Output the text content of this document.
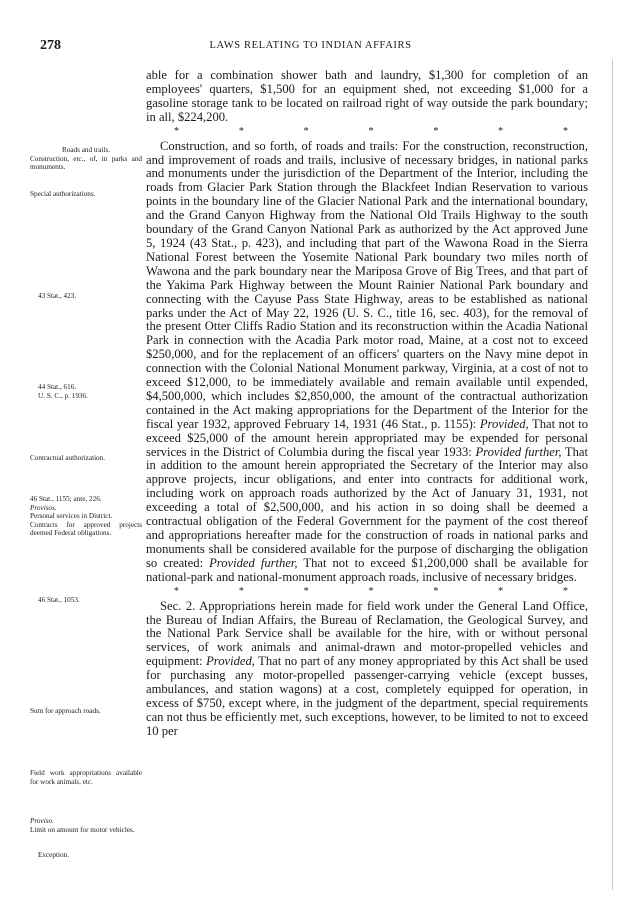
278	LAWS RELATING TO INDIAN AFFAIRS
Roads and trails.
Construction, etc., of, in parks and monuments.
Special authorizations.
43 Stat., 423.
44 Stat., 616.
U. S. C., p. 1936.
Contractual authorization.
46 Stat., 1155; ante, 226.
Provisos.
Personal services in District.
Contracts for approved projects deemed Federal obligations.
46 Stat., 1053.
Sum for approach roads.
Field work appropriations available for work animals, etc.
Proviso.
Limit on amount for motor vehicles.
Exception.

able for a combination shower bath and laundry, $1,300 for completion of an employees' quarters, $1,500 for an equipment shed, not exceeding $1,000 for a gasoline storage tank to be located on railroad right of way outside the park boundary; in all, $224,200.

*	*	*	*	*	*	*

Construction, and so forth, of roads and trails: For the construction, reconstruction, and improvement of roads and trails, inclusive of necessary bridges, in national parks and monuments under the jurisdiction of the Department of the Interior, including the roads from Glacier Park Station through the Blackfeet Indian Reservation to various points in the boundary line of the Glacier National Park and the international boundary, and the Grand Canyon Highway from the National Old Trails Highway to the south boundary of the Grand Canyon National Park as authorized by the Act approved June 5, 1924 (43 Stat., p. 423), and including that part of the Wawona Road in the Sierra National Forest between the Yosemite National Park boundary two miles north of Wawona and the park boundary near the Mariposa Grove of Big Trees, and that part of the Yakima Park Highway between the Mount Rainier National Park boundary and connecting with the Cayuse Pass State Highway, areas to be established as national parks under the Act of May 22, 1926 (U. S. C., title 16, sec. 403), for the removal of the present Otter Cliffs Radio Station and its reconstruction within the Acadia National Park in connection with the Acadia Park motor road, Maine, at a cost not to exceed $250,000, and for the replacement of an officers' quarters on the Navy mine depot in connection with the Colonial National Monument parkway, Virginia, at a cost of not to exceed $12,000, to be immediately available and remain available until expended, $4,500,000, which includes $2,850,000, the amount of the contractual authorization contained in the Act making appropriations for the Department of the Interior for the fiscal year 1932, approved February 14, 1931 (46 Stat., p. 1155): Provided, That not to exceed $25,000 of the amount herein appropriated may be expended for personal services in the District of Columbia during the fiscal year 1933: Provided further, That in addition to the amount herein appropriated the Secretary of the Interior may also approve projects, incur obligations, and enter into contracts for additional work, including work on approach roads authorized by the Act of January 31, 1931, not exceeding a total of $2,500,000, and his action in so doing shall be deemed a contractual obligation of the Federal Government for the payment of the cost thereof and appropriations hereafter made for the construction of roads in national parks and monuments shall be considered available for the purpose of discharging the obligation so created: Provided further, That not to exceed $1,200,000 shall be available for national-park and national-monument approach roads, inclusive of necessary bridges.

*	*	*	*	*	*	*

Sec. 2. Appropriations herein made for field work under the General Land Office, the Bureau of Indian Affairs, the Bureau of Reclamation, the Geological Survey, and the National Park Service shall be available for the hire, with or without personal services, of work animals and animal-drawn and motor-propelled vehicles and equipment: Provided, That no part of any money appropriated by this Act shall be used for purchasing any motor-propelled passenger-carrying vehicle (except busses, ambulances, and station wagons) at a cost, completely equipped for operation, in excess of $750, except where, in the judgment of the department, special requirements can not thus be efficiently met, such exceptions, however, to be limited to not to exceed 10 per
